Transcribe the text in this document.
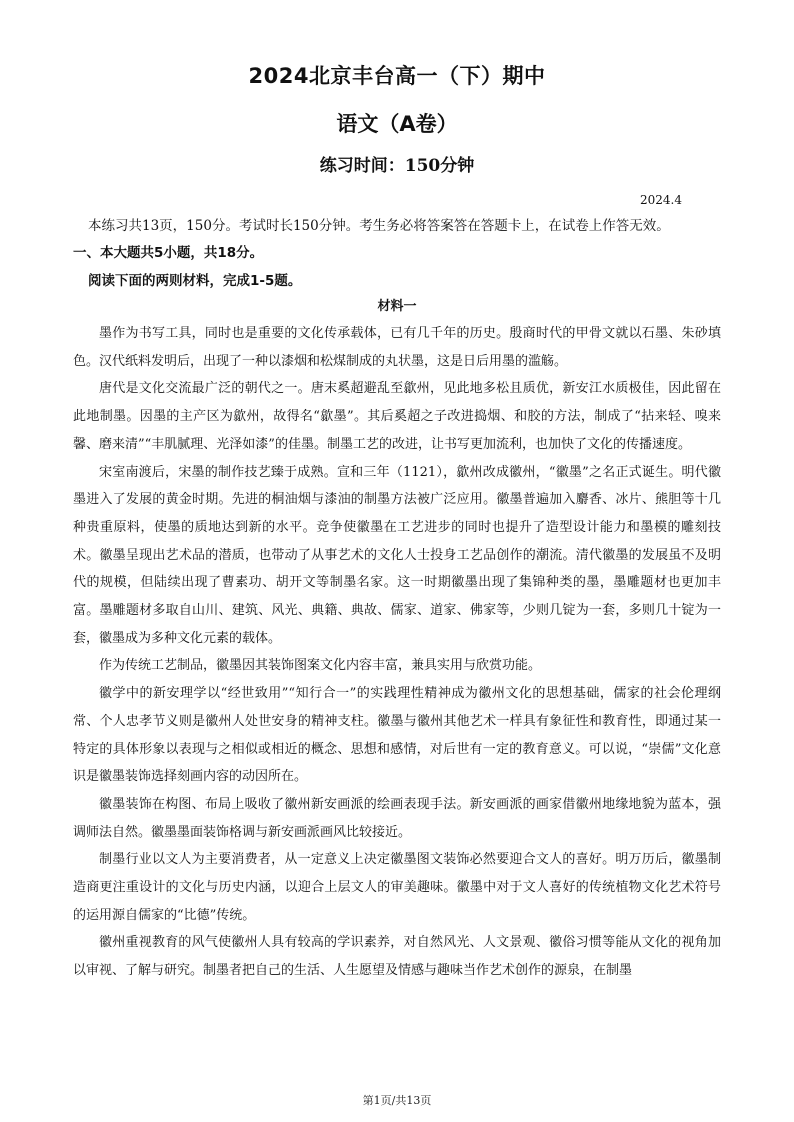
2024北京丰台高一（下）期中
语文（A卷）
练习时间：150分钟
2024.4
本练习共13页，150分。考试时长150分钟。考生务必将答案答在答题卡上，在试卷上作答无效。
一、本大题共5小题，共18分。
阅读下面的两则材料，完成1-5题。
材料一

墨作为书写工具，同时也是重要的文化传承载体，已有几千年的历史。殷商时代的甲骨文就以石墨、朱砂填色。汉代纸料发明后，出现了一种以漆烟和松煤制成的丸状墨，这是日后用墨的滥觞。

唐代是文化交流最广泛的朝代之一。唐末奚超避乱至歙州，见此地多松且质优，新安江水质极佳，因此留在此地制墨。因墨的主产区为歙州，故得名“歙墨”。其后奚超之子改进捣烟、和胶的方法，制成了“拈来轻、嗅来馨、磨来清”“丰肌腻理、光泽如漆”的佳墨。制墨工艺的改进，让书写更加流利，也加快了文化的传播速度。

宋室南渡后，宋墨的制作技艺臻于成熟。宣和三年（1121），歙州改成徽州，“徽墨”之名正式诞生。明代徽墨进入了发展的黄金时期。先进的桐油烟与漆油的制墨方法被广泛应用。徽墨普遍加入麝香、冰片、熊胆等十几种贵重原料，使墨的质地达到新的水平。竞争使徽墨在工艺进步的同时也提升了造型设计能力和墨模的雕刻技术。徽墨呈现出艺术品的潜质，也带动了从事艺术的文化人士投身工艺品创作的潮流。清代徽墨的发展虽不及明代的规模，但陆续出现了曹素功、胡开文等制墨名家。这一时期徽墨出现了集锦种类的墨，墨雕题材也更加丰富。墨雕题材多取自山川、建筑、风光、典籍、典故、儒家、道家、佛家等，少则几锭为一套，多则几十锭为一套，徽墨成为多种文化元素的载体。

作为传统工艺制品，徽墨因其装饰图案文化内容丰富，兼具实用与欣赏功能。

徽学中的新安理学以“经世致用”“知行合一”的实践理性精神成为徽州文化的思想基础，儒家的社会伦理纲常、个人忠孝节义则是徽州人处世安身的精神支柱。徽墨与徽州其他艺术一样具有象征性和教育性，即通过某一特定的具体形象以表现与之相似或相近的概念、思想和感情，对后世有一定的教育意义。可以说，“崇儒”文化意识是徽墨装饰选择刻画内容的动因所在。

徽墨装饰在构图、布局上吸收了徽州新安画派的绘画表现手法。新安画派的画家借徽州地缘地貌为蓝本，强调师法自然。徽墨墨面装饰格调与新安画派画风比较接近。

制墨行业以文人为主要消费者，从一定意义上决定徽墨图文装饰必然要迎合文人的喜好。明万历后，徽墨制造商更注重设计的文化与历史内涵，以迎合上层文人的审美趣味。徽墨中对于文人喜好的传统植物文化艺术符号的运用源自儒家的“比德”传统。

徽州重视教育的风气使徽州人具有较高的学识素养，对自然风光、人文景观、徽俗习惯等能从文化的视角加以审视、了解与研究。制墨者把自己的生活、人生愿望及情感与趣味当作艺术创作的源泉，在制墨

第1页/共13页
